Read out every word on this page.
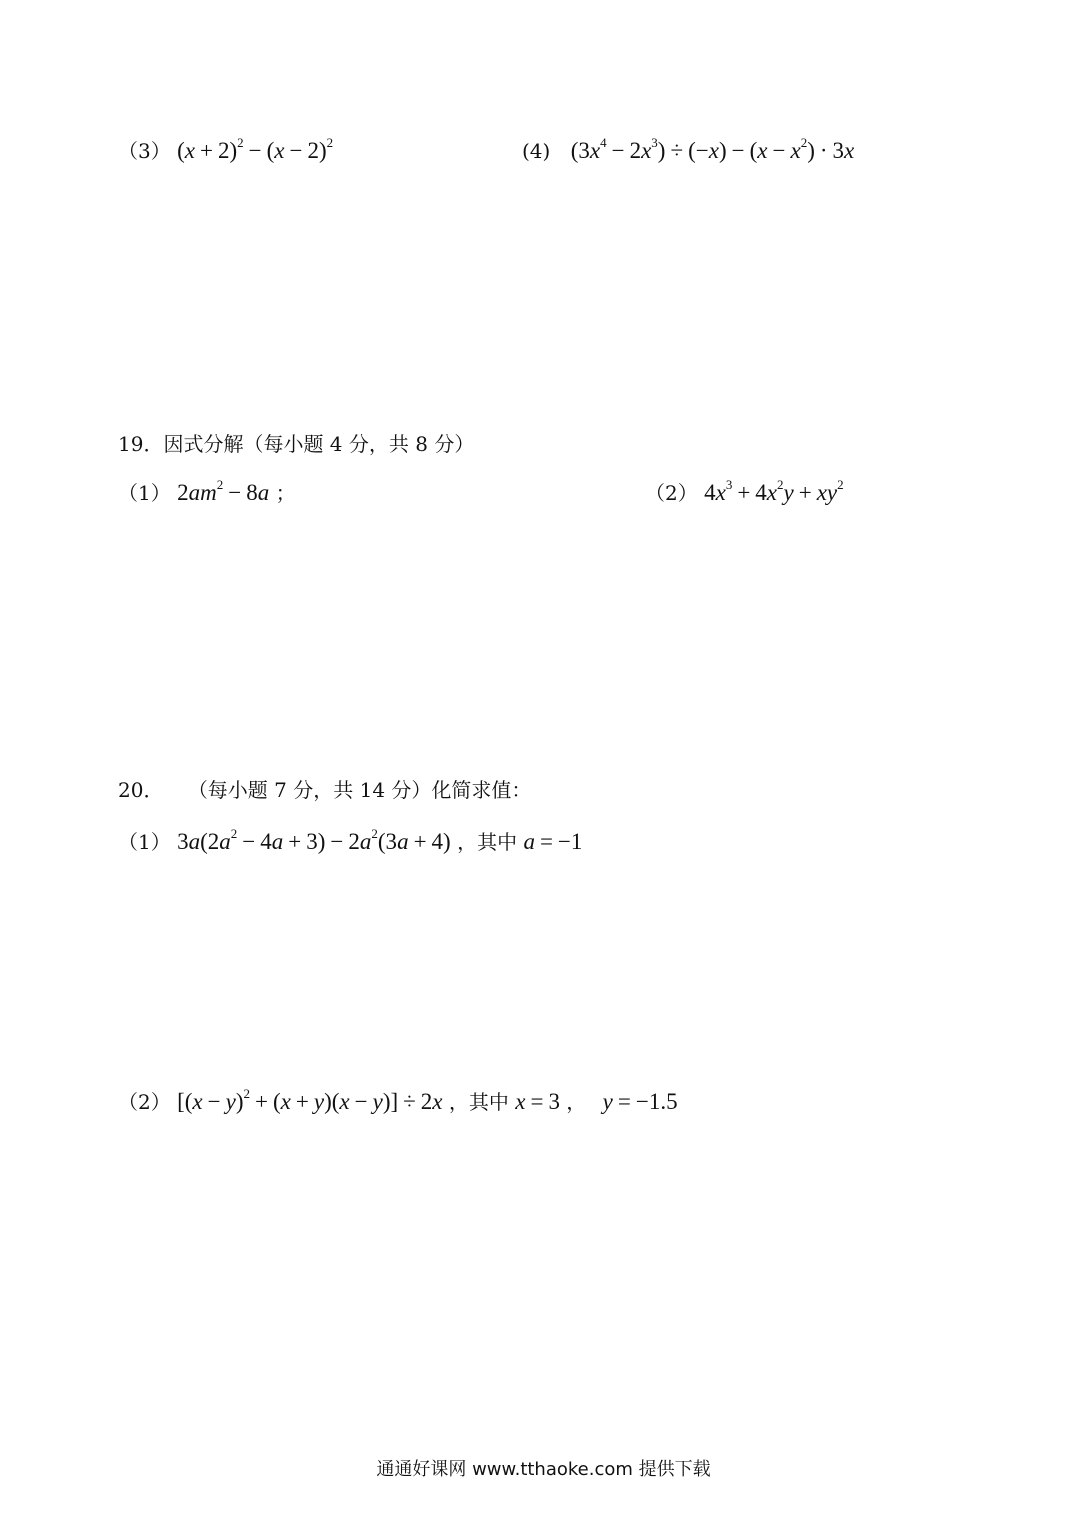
（3） $(x + 2)^2 - (x - 2)^2$	(4) $(3x^4 - 2x^3) \div (-x) - (x - x^2) \cdot 3x$
19．因式分解（每小题 4 分，共 8 分）
（1） $2am^2 - 8a$ ；	（2） $4x^3 + 4x^2y + xy^2$
20． （每小题 7 分，共 14 分）化简求值：
（1） $3a(2a^2 - 4a + 3) - 2a^2(3a + 4)$ ，其中 a = −1
（2） $[(x - y)^2 + (x + y)(x - y)] \div 2x$ ，其中 x = 3 ， y = −1.5
通通好课网 www.tthaoke.com 提供下载
